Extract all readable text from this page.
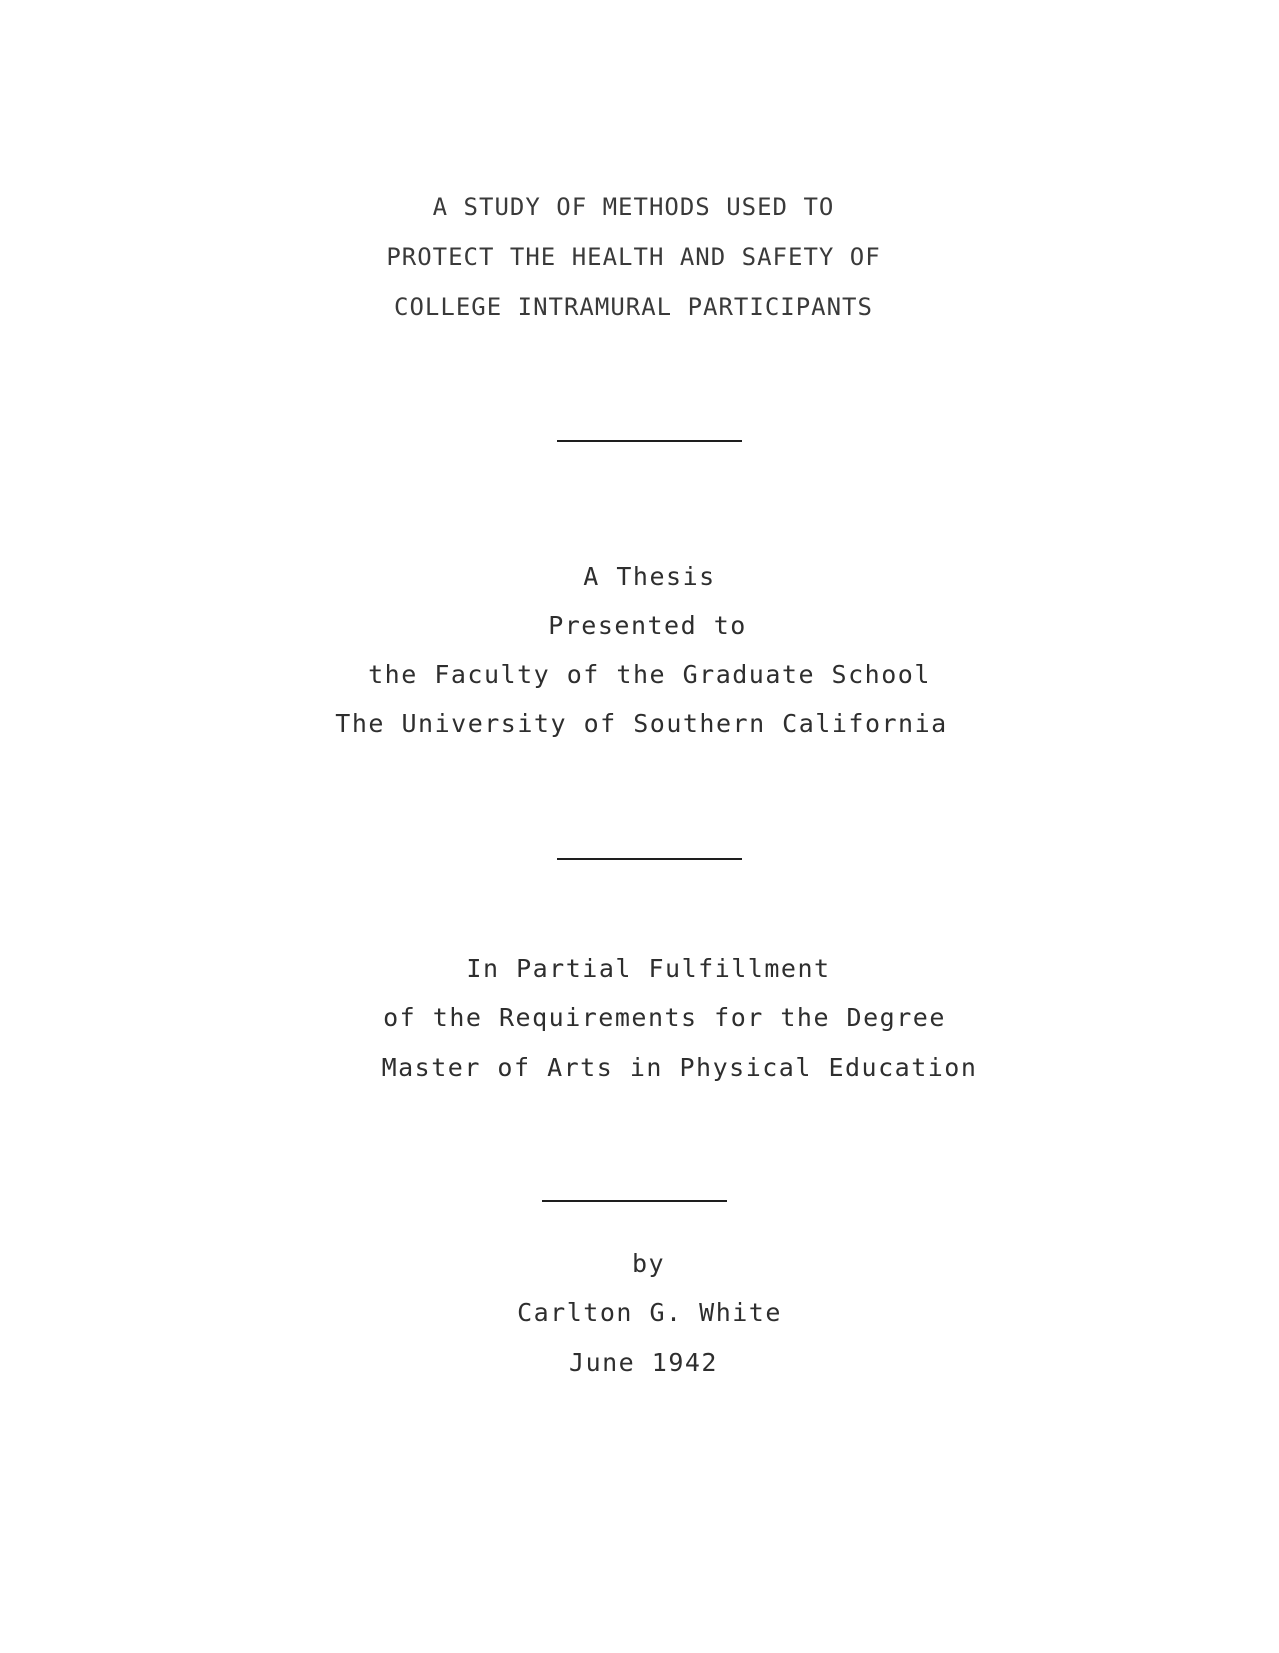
A STUDY OF METHODS USED TO
PROTECT THE HEALTH AND SAFETY OF
COLLEGE INTRAMURAL PARTICIPANTS
A Thesis
Presented to
the Faculty of the Graduate School
The University of Southern California
In Partial Fulfillment
of the Requirements for the Degree
Master of Arts in Physical Education
by
Carlton G. White
June 1942
